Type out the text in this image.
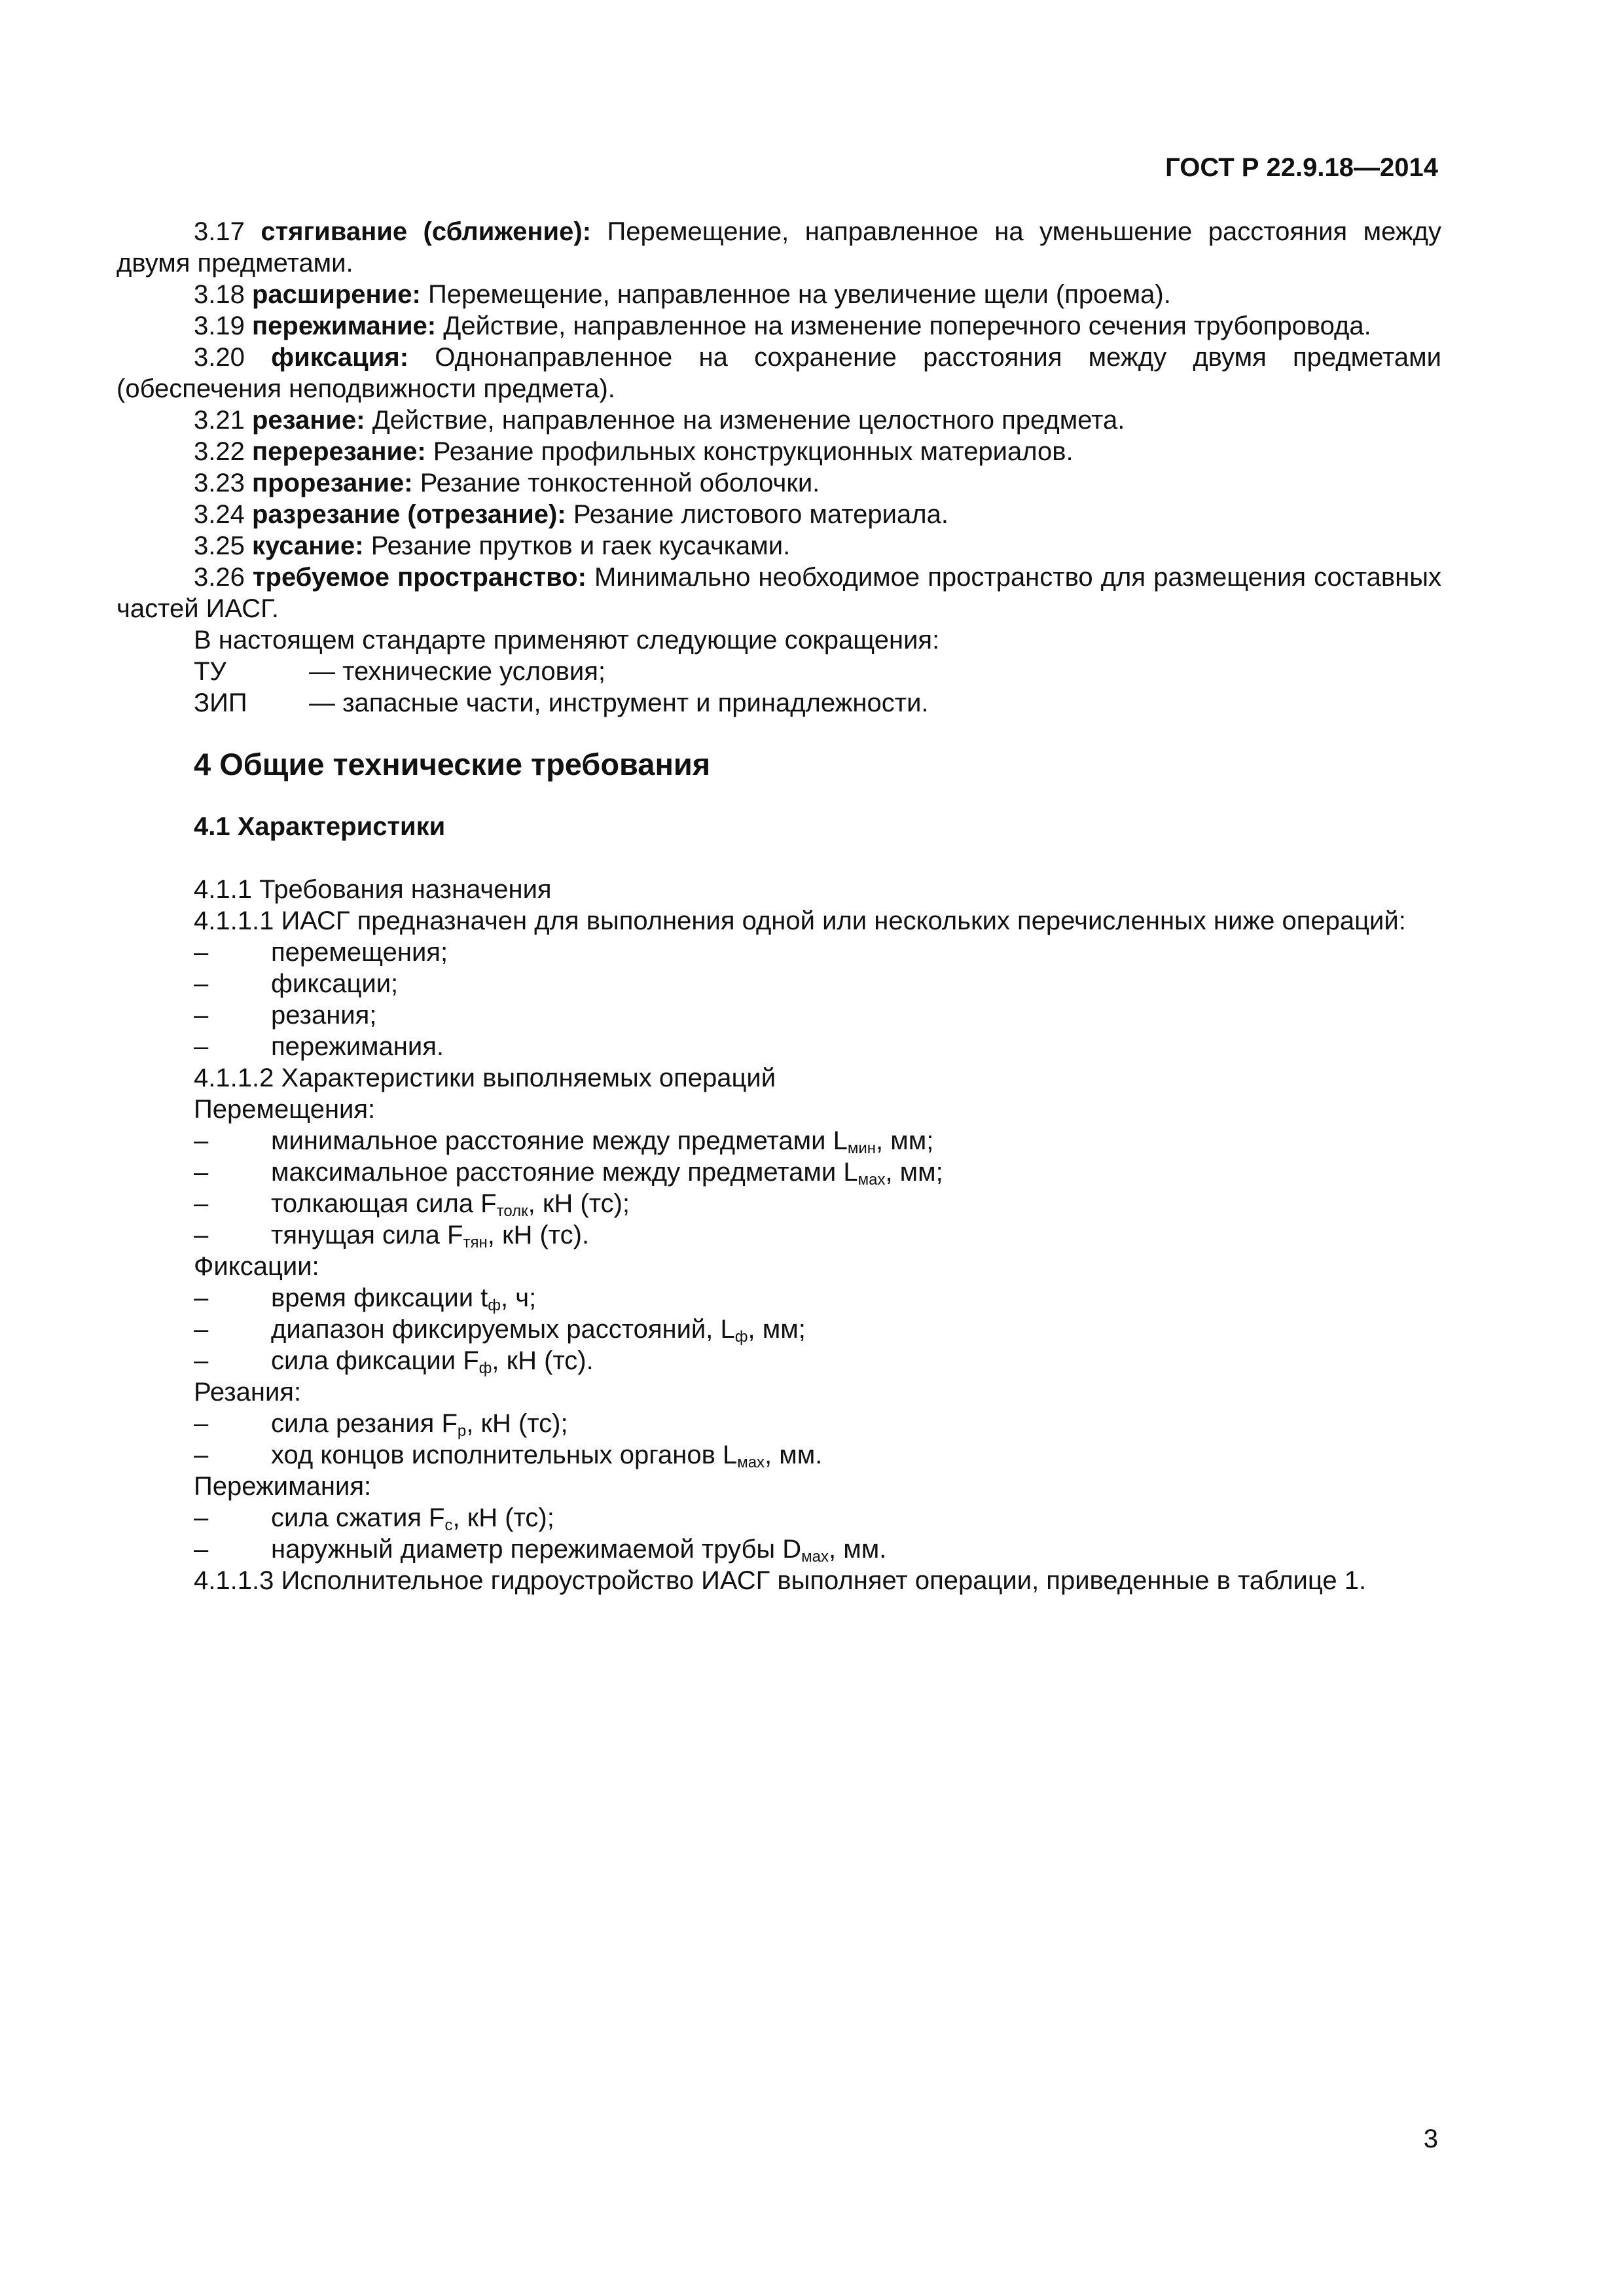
ГОСТ Р 22.9.18—2014

3.17 стягивание (сближение): Перемещение, направленное на уменьшение расстояния между двумя предметами.

3.18 расширение: Перемещение, направленное на увеличение щели (проема).

3.19 пережимание: Действие, направленное на изменение поперечного сечения трубопровода.

3.20 фиксация: Однонаправленное на сохранение расстояния между двумя предметами (обеспечения неподвижности предмета).

3.21 резание: Действие, направленное на изменение целостного предмета.

3.22 перерезание: Резание профильных конструкционных материалов.

3.23 прорезание: Резание тонкостенной оболочки.

3.24 разрезание (отрезание): Резание листового материала.

3.25 кусание: Резание прутков и гаек кусачками.

3.26 требуемое пространство: Минимально необходимое пространство для размещения составных частей ИАСГ.

В настоящем стандарте применяют следующие сокращения:

ТУ	— технические условия;
ЗИП	— запасные части, инструмент и принадлежности.
4 Общие технические требования
4.1 Характеристики

4.1.1 Требования назначения

4.1.1.1 ИАСГ предназначен для выполнения одной или нескольких перечисленных ниже операций:

–	перемещения;
–	фиксации;
–	резания;
–	пережимания.

4.1.1.2 Характеристики выполняемых операций

Перемещения:

–	минимальное расстояние между предметами $L_{мин}$, мм;
–	максимальное расстояние между предметами $L_{мах}$, мм;
–	толкающая сила $F_{толк}$, кН (тс);
–	тянущая сила $F_{тян}$, кН (тс).

Фиксации:

–	время фиксации $t_ф$, ч;
–	диапазон фиксируемых расстояний, $L_ф$, мм;
–	сила фиксации $F_ф$, кН (тс).

Резания:

–	сила резания $F_р$, кН (тс);
–	ход концов исполнительных органов $L_{мах}$, мм.

Пережимания:

–	сила сжатия $F_с$, кН (тс);
–	наружный диаметр пережимаемой трубы $D_{мах}$, мм.

4.1.1.3 Исполнительное гидроустройство ИАСГ выполняет операции, приведенные в таблице 1.

3
